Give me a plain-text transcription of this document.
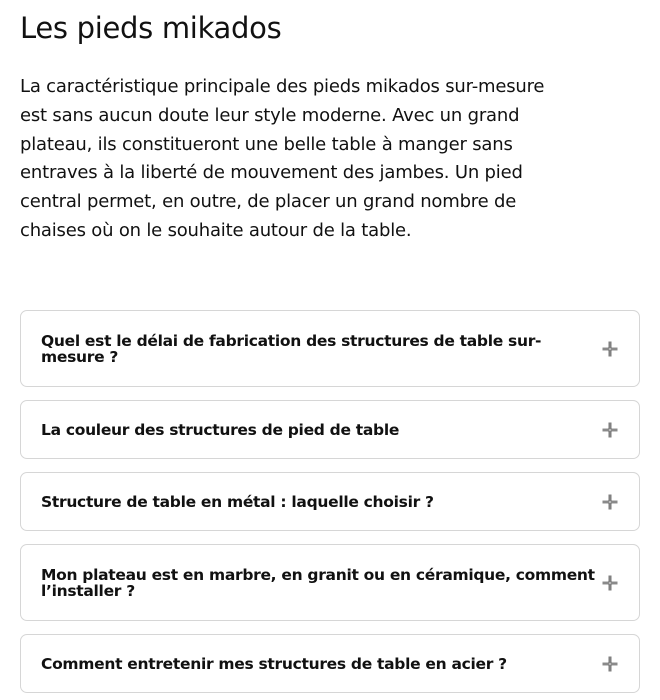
Les pieds mikados

La caractéristique principale des pieds mikados sur-mesure est sans aucun doute leur style moderne. Avec un grand plateau, ils constitueront une belle table à manger sans entraves à la liberté de mouvement des jambes. Un pied central permet, en outre, de placer un grand nombre de chaises où on le souhaite autour de la table.

Quel est le délai de fabrication des structures de table sur-mesure ?
La couleur des structures de pied de table
Structure de table en métal : laquelle choisir ?
Mon plateau est en marbre, en granit ou en céramique, comment l’installer ?
Comment entretenir mes structures de table en acier ?
